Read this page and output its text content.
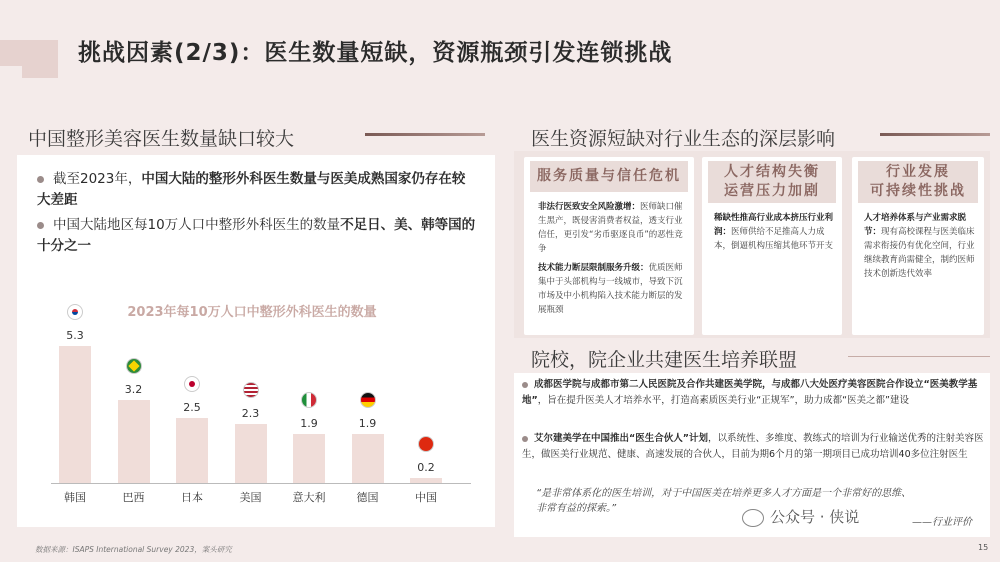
挑战因素(2/3)：医生数量短缺，资源瓶颈引发连锁挑战
中国整形美容医生数量缺口较大
截至2023年，中国大陆的整形外科医生数量与医美成熟国家仍存在较大差距
中国大陆地区每10万人口中整形外科医生的数量不足日、美、韩等国的十分之一
2023年每10万人口中整形外科医生的数量
5.3
韩国
3.2
巴西
2.5
日本
2.3
美国
1.9
意大利
1.9
德国
0.2
中国
医生资源短缺对行业生态的深层影响
服务质量与信任危机
非法行医致安全风险激增：医师缺口催生黑产，既侵害消费者权益，透支行业信任，更引发“劣币驱逐良币”的恶性竞争
技术能力断层限制服务升级：优质医师集中于头部机构与一线城市，导致下沉市场及中小机构陷入技术能力断层的发展瓶颈
人才结构失衡
运营压力加剧
稀缺性推高行业成本挤压行业利润：医师供给不足推高人力成本，倒逼机构压缩其他环节开支
行业发展
可持续性挑战
人才培养体系与产业需求脱节：现有高校课程与医美临床需求衔接仍有优化空间，行业继续教育尚需健全，制约医师技术创新迭代效率
院校，院企业共建医生培养联盟
成都医学院与成都市第二人民医院及合作共建医美学院，与成都八大处医疗美容医院合作设立“医美教学基地”，旨在提升医美人才培养水平，打造高素质医美行业“正规军”，助力成都“医美之都”建设
艾尔建美学在中国推出“医生合伙人”计划，以系统性、多维度、教练式的培训为行业输送优秀的注射美容医生，做医美行业规范、健康、高速发展的合伙人，目前为期6个月的第一期项目已成功培训40多位注射医生
“是非常体系化的医生培训，对于中国医美在培养更多人才方面是一个非常好的思维、
非常有益的探索。”
——行业评价
数据来源：ISAPS International Survey 2023，案头研究
公众号 · 侠说
15
